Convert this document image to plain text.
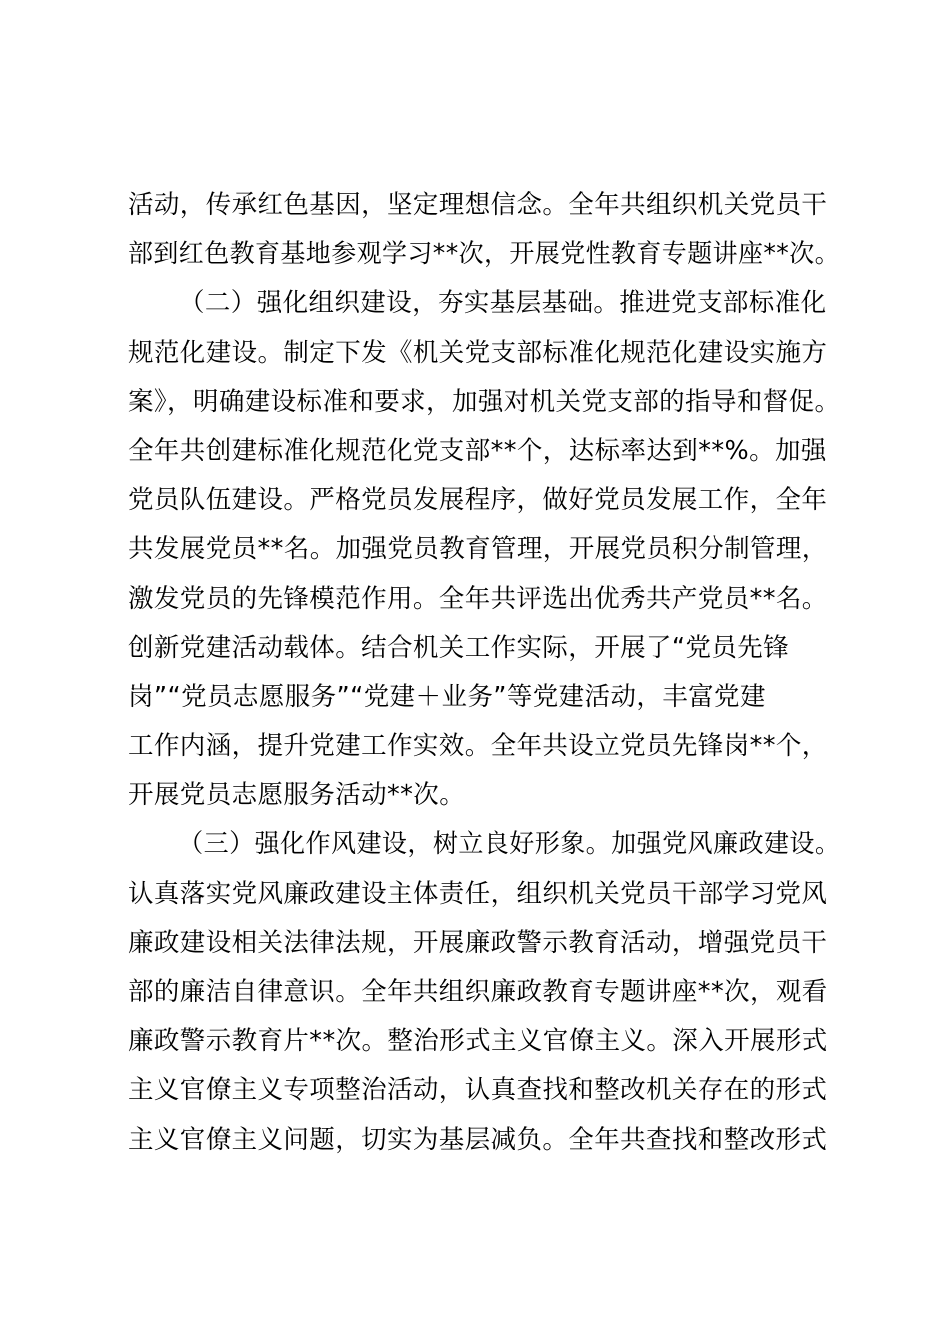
活动，传承红色基因，坚定理想信念。全年共组织机关党员干
部到红色教育基地参观学习**次，开展党性教育专题讲座**次。
（二）强化组织建设，夯实基层基础。推进党支部标准化
规范化建设。制定下发《机关党支部标准化规范化建设实施方
案》，明确建设标准和要求，加强对机关党支部的指导和督促。
全年共创建标准化规范化党支部**个，达标率达到**%。加强
党员队伍建设。严格党员发展程序，做好党员发展工作，全年
共发展党员**名。加强党员教育管理，开展党员积分制管理，
激发党员的先锋模范作用。全年共评选出优秀共产党员**名。
创新党建活动载体。结合机关工作实际，开展了“党员先锋
岗”“党员志愿服务”“党建＋业务”等党建活动，丰富党建
工作内涵，提升党建工作实效。全年共设立党员先锋岗**个，
开展党员志愿服务活动**次。
（三）强化作风建设，树立良好形象。加强党风廉政建设。
认真落实党风廉政建设主体责任，组织机关党员干部学习党风
廉政建设相关法律法规，开展廉政警示教育活动，增强党员干
部的廉洁自律意识。全年共组织廉政教育专题讲座**次，观看
廉政警示教育片**次。整治形式主义官僚主义。深入开展形式
主义官僚主义专项整治活动，认真查找和整改机关存在的形式
主义官僚主义问题，切实为基层减负。全年共查找和整改形式
